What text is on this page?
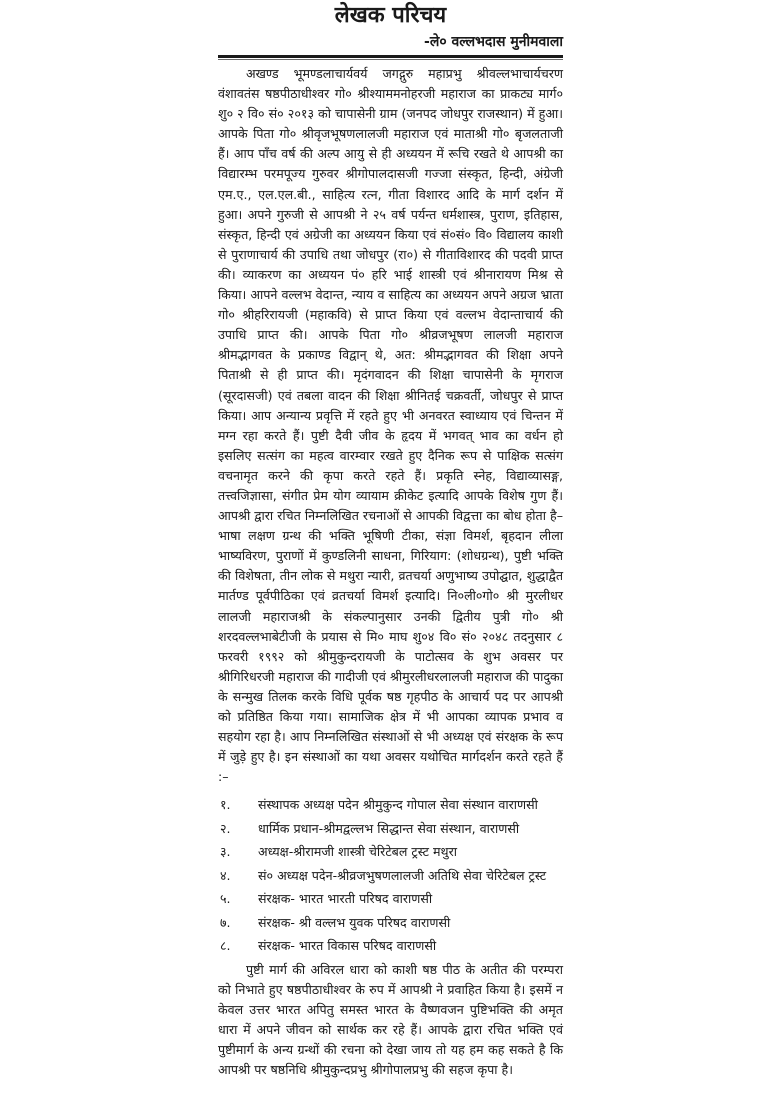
लेखक परिचय
-ले० वल्लभदास मुनीमवाला

अखण्ड भूमण्डलाचार्यवर्य जगद्गुरु महाप्रभु श्रीवल्लभाचार्यचरण वंशावतंस षष्ठपीठाधीश्वर गो० श्रीश्याममनोहरजी महाराज का प्राकट्य मार्ग० शु० २ वि० सं० २०१३ को चापासेनी ग्राम (जनपद जोधपुर राजस्थान) में हुआ। आपके पिता गो० श्रीवृजभूषणलालजी महाराज एवं माताश्री गो० बृजलताजी हैं। आप पाँच वर्ष की अल्प आयु से ही अध्ययन में रूचि रखते थे आपश्री का विद्यारम्भ परमपूज्य गुरुवर श्रीगोपालदासजी गज्जा संस्कृत, हिन्दी, अंग्रेजी एम.ए., एल.एल.बी., साहित्य रत्न, गीता विशारद आदि के मार्ग दर्शन में हुआ। अपने गुरुजी से आपश्री ने २५ वर्ष पर्यन्त धर्मशास्त्र, पुराण, इतिहास, संस्कृत, हिन्दी एवं अग्रेजी का अध्ययन किया एवं सं०सं० वि० विद्यालय काशी से पुराणाचार्य की उपाधि तथा जोधपुर (रा०) से गीताविशारद की पदवी प्राप्त की। व्याकरण का अध्ययन पं० हरि भाई शास्त्री एवं श्रीनारायण मिश्र से किया। आपने वल्लभ वेदान्त, न्याय व साहित्य का अध्ययन अपने अग्रज भ्राता गो० श्रीहरिरायजी (महाकवि) से प्राप्त किया एवं वल्लभ वेदान्ताचार्य की उपाधि प्राप्त की। आपके पिता गो० श्रीव्रजभूषण लालजी महाराज श्रीमद्भागवत के प्रकाण्ड विद्वान् थे, अत: श्रीमद्भागवत की शिक्षा अपने पिताश्री से ही प्राप्त की। मृदंगवादन की शिक्षा चापासेनी के मृगराज (सूरदासजी) एवं तबला वादन की शिक्षा श्रीनितई चक्रवर्ती, जोधपुर से प्राप्त किया। आप अन्यान्य प्रवृत्ति में रहते हुए भी अनवरत स्वाध्याय एवं चिन्तन में मग्न रहा करते हैं। पुष्टी दैवी जीव के हृदय में भगवत् भाव का वर्धन हो इसलिए सत्संग का महत्व वारम्वार रखते हुए दैनिक रूप से पाक्षिक सत्संग वचनामृत करने की कृपा करते रहते हैं। प्रकृति स्नेह, विद्याव्यासङ्ग, तत्त्वजिज्ञासा, संगीत प्रेम योग व्यायाम क्रीकेट इत्यादि आपके विशेष गुण हैं। आपश्री द्वारा रचित निम्नलिखित रचनाओं से आपकी विद्वत्ता का बोध होता है– भाषा लक्षण ग्रन्थ की भक्ति भूषिणी टीका, संज्ञा विमर्श, बृहदान लीला भाष्यविरण, पुराणों में कुण्डलिनी साधना, गिरियाग: (शोधग्रन्थ), पुष्टी भक्ति की विशेषता, तीन लोक से मथुरा न्यारी, व्रतचर्या अणुभाष्य उपोद्घात, शुद्धाद्वैत मार्तण्ड पूर्वपीठिका एवं व्रतचर्या विमर्श इत्यादि। नि०ली०गो० श्री मुरलीधर लालजी महाराजश्री के संकल्पानुसार उनकी द्वितीय पुत्री गो० श्री शरदवल्लभाबेटीजी के प्रयास से मि० माघ शु०४ वि० सं० २०४८ तदनुसार ८ फरवरी १९९२ को श्रीमुकुन्दरायजी के पाटोत्सव के शुभ अवसर पर श्रीगिरिधरजी महाराज की गादीजी एवं श्रीमुरलीधरलालजी महाराज की पादुका के सन्मुख तिलक करके विधि पूर्वक षष्ठ गृहपीठ के आचार्य पद पर आपश्री को प्रतिष्ठित किया गया। सामाजिक क्षेत्र में भी आपका व्यापक प्रभाव व सहयोग रहा है। आप निम्नलिखित संस्थाओं से भी अध्यक्ष एवं संरक्षक के रूप में जुड़े हुए है। इन संस्थाओं का यथा अवसर यथोचित मार्गदर्शन करते रहते हैं :–

१.	संस्थापक अध्यक्ष पदेन श्रीमुकुन्द गोपाल सेवा संस्थान वाराणसी
२.	धार्मिक प्रधान-श्रीमद्वल्लभ सिद्धान्त सेवा संस्थान, वाराणसी
३.	अध्यक्ष-श्रीरामजी शास्त्री चेरिटेबल ट्रस्ट मथुरा
४.	सं० अध्यक्ष पदेन-श्रीव्रजभुषणलालजी अतिथि सेवा चेरिटेबल ट्रस्ट
५.	संरक्षक- भारत भारती परिषद वाराणसी
७.	संरक्षक- श्री वल्लभ युवक परिषद वाराणसी
८.	संरक्षक- भारत विकास परिषद वाराणसी

पुष्टी मार्ग की अविरल धारा को काशी षष्ठ पीठ के अतीत की परम्परा को निभाते हुए षष्ठपीठाधीश्वर के रुप में आपश्री ने प्रवाहित किया है। इसमें न केवल उत्तर भारत अपितु समस्त भारत के वैष्णवजन पुष्टिभक्ति की अमृत धारा में अपने जीवन को सार्थक कर रहे हैं। आपके द्वारा रचित भक्ति एवं पुष्टीमार्ग के अन्य ग्रन्थों की रचना को देखा जाय तो यह हम कह सकते है कि आपश्री पर षष्ठनिधि श्रीमुकुन्दप्रभु श्रीगोपालप्रभु की सहज कृपा है।
